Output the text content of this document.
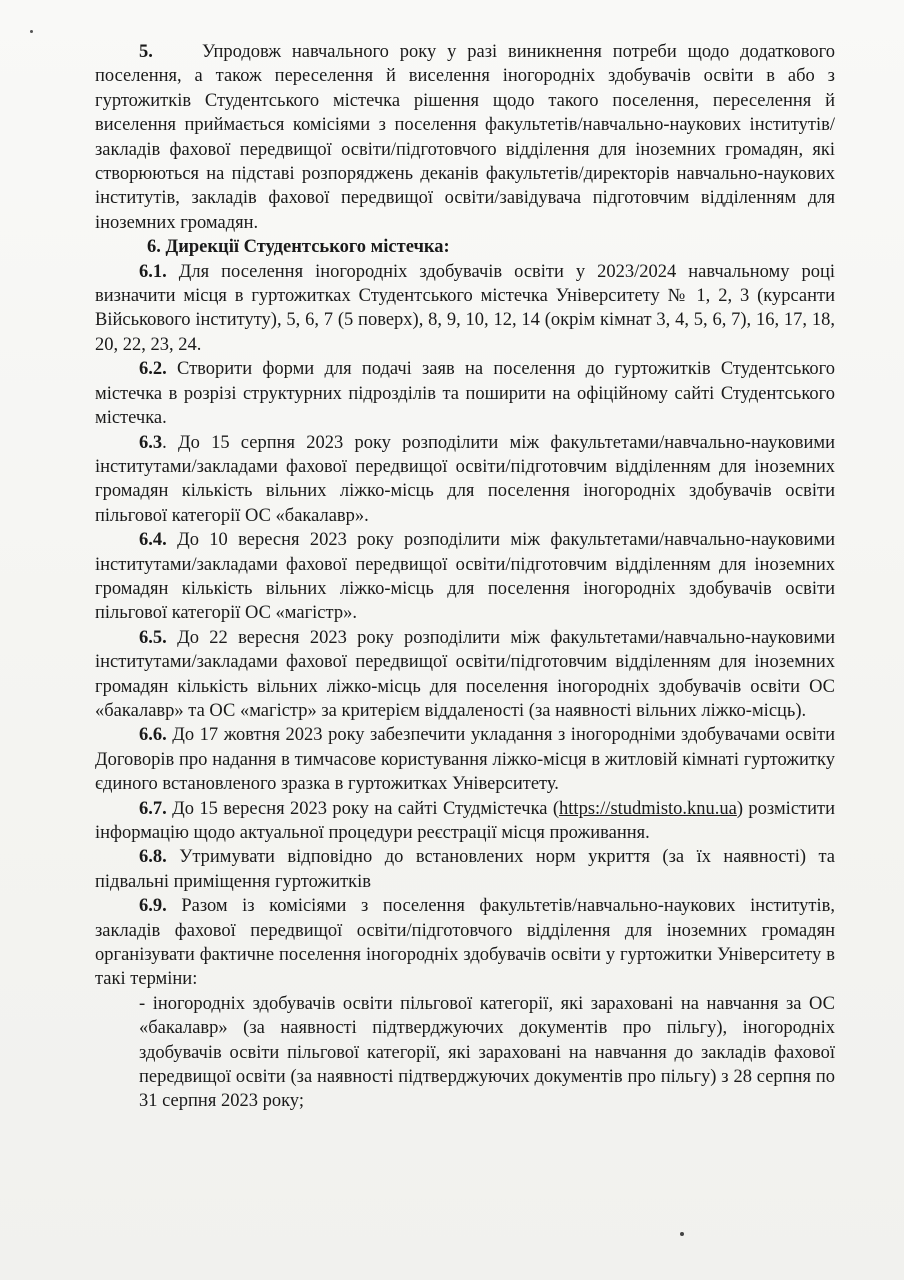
5.	Упродовж навчального року у разі виникнення потреби щодо додаткового поселення, а також переселення й виселення іногородніх здобувачів освіти в або з гуртожитків Студентського містечка рішення щодо такого поселення, переселення й виселення приймається комісіями з поселення факультетів/навчально-наукових інститутів/закладів фахової передвищої освіти/підготовчого відділення для іноземних громадян, які створюються на підставі розпоряджень деканів факультетів/директорів навчально-наукових інститутів, закладів фахової передвищої освіти/завідувача підготовчим відділенням для іноземних громадян.

6. Дирекції Студентського містечка:

6.1. Для поселення іногородніх здобувачів освіти у 2023/2024 навчальному році визначити місця в гуртожитках Студентського містечка Університету № 1, 2, 3 (курсанти Військового інституту), 5, 6, 7 (5 поверх), 8, 9, 10, 12, 14 (окрім кімнат 3, 4, 5, 6, 7), 16, 17, 18, 20, 22, 23, 24.

6.2. Створити форми для подачі заяв на поселення до гуртожитків Студентського містечка в розрізі структурних підрозділів та поширити на офіційному сайті Студентського містечка.

6.3. До 15 серпня 2023 року розподілити між факультетами/навчально-науковими інститутами/закладами фахової передвищої освіти/підготовчим відділенням для іноземних громадян кількість вільних ліжко-місць для поселення іногородніх здобувачів освіти пільгової категорії ОС «бакалавр».

6.4. До 10 вересня 2023 року розподілити між факультетами/навчально-науковими інститутами/закладами фахової передвищої освіти/підготовчим відділенням для іноземних громадян кількість вільних ліжко-місць для поселення іногородніх здобувачів освіти пільгової категорії ОС «магістр».

6.5. До 22 вересня 2023 року розподілити між факультетами/навчально-науковими інститутами/закладами фахової передвищої освіти/підготовчим відділенням для іноземних громадян кількість вільних ліжко-місць для поселення іногородніх здобувачів освіти ОС «бакалавр» та ОС «магістр» за критерієм віддаленості (за наявності вільних ліжко-місць).

6.6. До 17 жовтня 2023 року забезпечити укладання з іногородніми здобувачами освіти Договорів про надання в тимчасове користування ліжко-місця в житловій кімнаті гуртожитку єдиного встановленого зразка в гуртожитках Університету.

6.7. До 15 вересня 2023 року на сайті Студмістечка (https://studmisto.knu.ua) розмістити інформацію щодо актуальної процедури реєстрації місця проживання.

6.8. Утримувати відповідно до встановлених норм укриття (за їх наявності) та підвальні приміщення гуртожитків

6.9. Разом із комісіями з поселення факультетів/навчально-наукових інститутів, закладів фахової передвищої освіти/підготовчого відділення для іноземних громадян організувати фактичне поселення іногородніх здобувачів освіти у гуртожитки Університету в такі терміни:

- іногородніх здобувачів освіти пільгової категорії, які зараховані на навчання за ОС «бакалавр» (за наявності підтверджуючих документів про пільгу), іногородніх здобувачів освіти пільгової категорії, які зараховані на навчання до закладів фахової передвищої освіти (за наявності підтверджуючих документів про пільгу) з 28 серпня по 31 серпня 2023 року;
